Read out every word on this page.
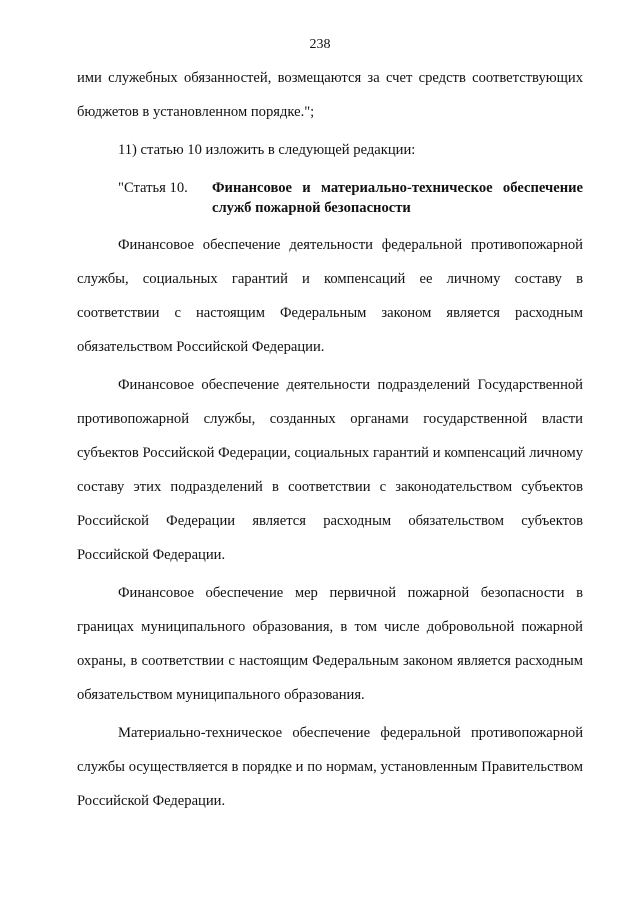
238

ими служебных обязанностей, возмещаются за счет средств соответствующих бюджетов в установленном порядке.";

11) статью 10 изложить в следующей редакции:

"Статья 10.	Финансовое и материально-техническое обеспечение
служб пожарной безопасности

Финансовое обеспечение деятельности федеральной противопожарной службы, социальных гарантий и компенсаций ее личному составу в соответствии с настоящим Федеральным законом является расходным обязательством Российской Федерации.

Финансовое обеспечение деятельности подразделений Государственной противопожарной службы, созданных органами государственной власти субъектов Российской Федерации, социальных гарантий и компенсаций личному составу этих подразделений в соответствии с законодательством субъектов Российской Федерации является расходным обязательством субъектов Российской Федерации.

Финансовое обеспечение мер первичной пожарной безопасности в границах муниципального образования, в том числе добровольной пожарной охраны, в соответствии с настоящим Федеральным законом является расходным обязательством муниципального образования.

Материально-техническое обеспечение федеральной противопожарной службы осуществляется в порядке и по нормам, установленным Правительством Российской Федерации.
